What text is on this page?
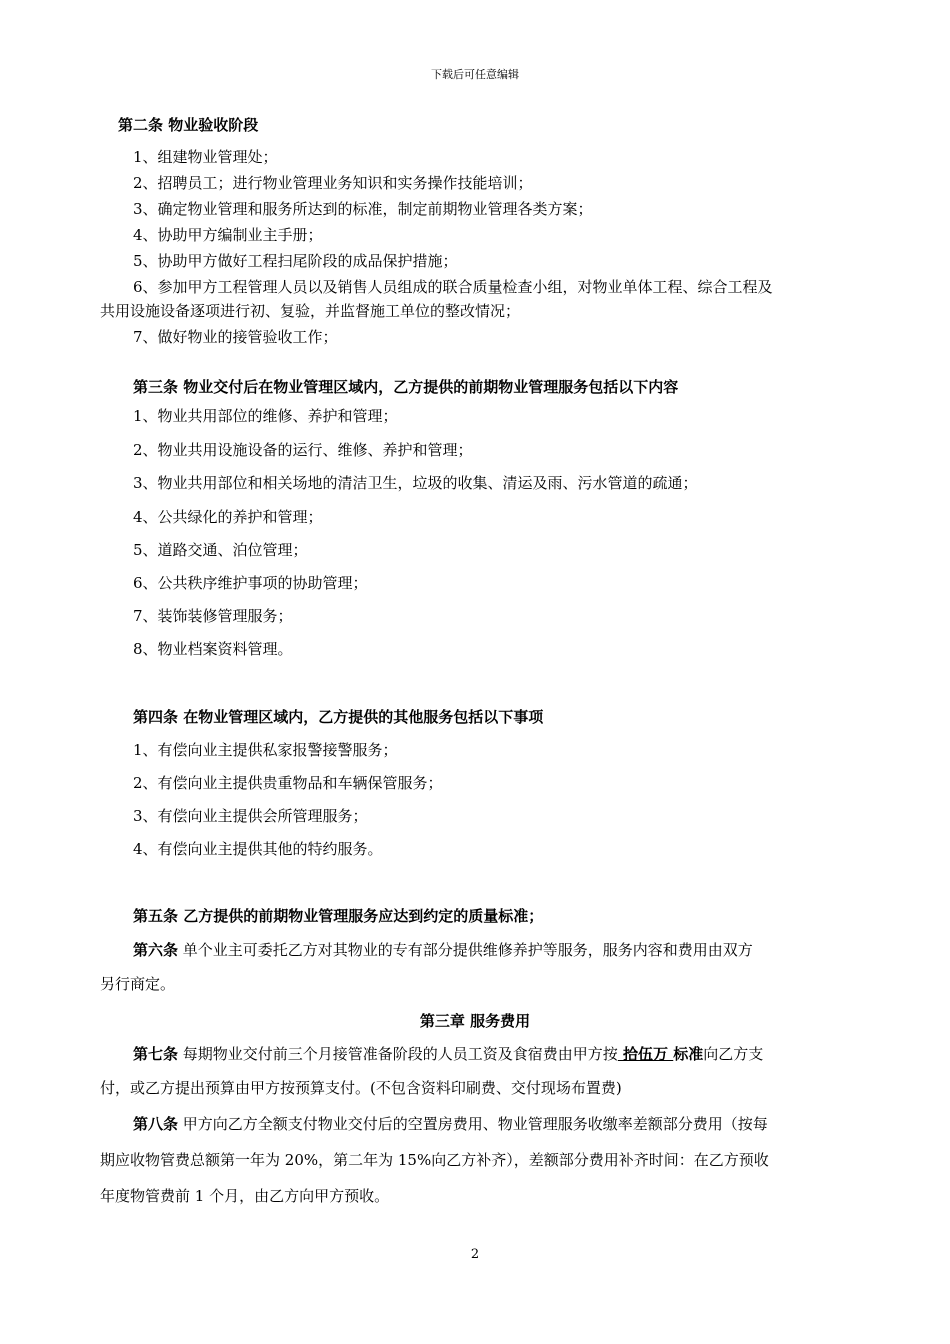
下载后可任意编辑
第二条 物业验收阶段
1、组建物业管理处；
2、招聘员工；进行物业管理业务知识和实务操作技能培训；
3、确定物业管理和服务所达到的标准，制定前期物业管理各类方案；
4、协助甲方编制业主手册；
5、协助甲方做好工程扫尾阶段的成品保护措施；
6、参加甲方工程管理人员以及销售人员组成的联合质量检查小组，对物业单体工程、综合工程及
共用设施设备逐项进行初、复验，并监督施工单位的整改情况；
7、做好物业的接管验收工作；
第三条 物业交付后在物业管理区域内，乙方提供的前期物业管理服务包括以下内容
1、物业共用部位的维修、养护和管理；
2、物业共用设施设备的运行、维修、养护和管理；
3、物业共用部位和相关场地的清洁卫生，垃圾的收集、清运及雨、污水管道的疏通；
4、公共绿化的养护和管理；
5、道路交通、泊位管理；
6、公共秩序维护事项的协助管理；
7、装饰装修管理服务；
8、物业档案资料管理。
第四条 在物业管理区域内，乙方提供的其他服务包括以下事项
1、有偿向业主提供私家报警接警服务；
2、有偿向业主提供贵重物品和车辆保管服务；
3、有偿向业主提供会所管理服务；
4、有偿向业主提供其他的特约服务。
第五条 乙方提供的前期物业管理服务应达到约定的质量标准；
第六条 单个业主可委托乙方对其物业的专有部分提供维修养护等服务，服务内容和费用由双方
另行商定。
第三章 服务费用
第七条 每期物业交付前三个月接管准备阶段的人员工资及食宿费由甲方按 拾伍万 标准向乙方支
付，或乙方提出预算由甲方按预算支付。(不包含资料印刷费、交付现场布置费)
第八条 甲方向乙方全额支付物业交付后的空置房费用、物业管理服务收缴率差额部分费用（按每
期应收物管费总额第一年为 20%，第二年为 15%向乙方补齐），差额部分费用补齐时间：在乙方预收
年度物管费前 1 个月，由乙方向甲方预收。
2
